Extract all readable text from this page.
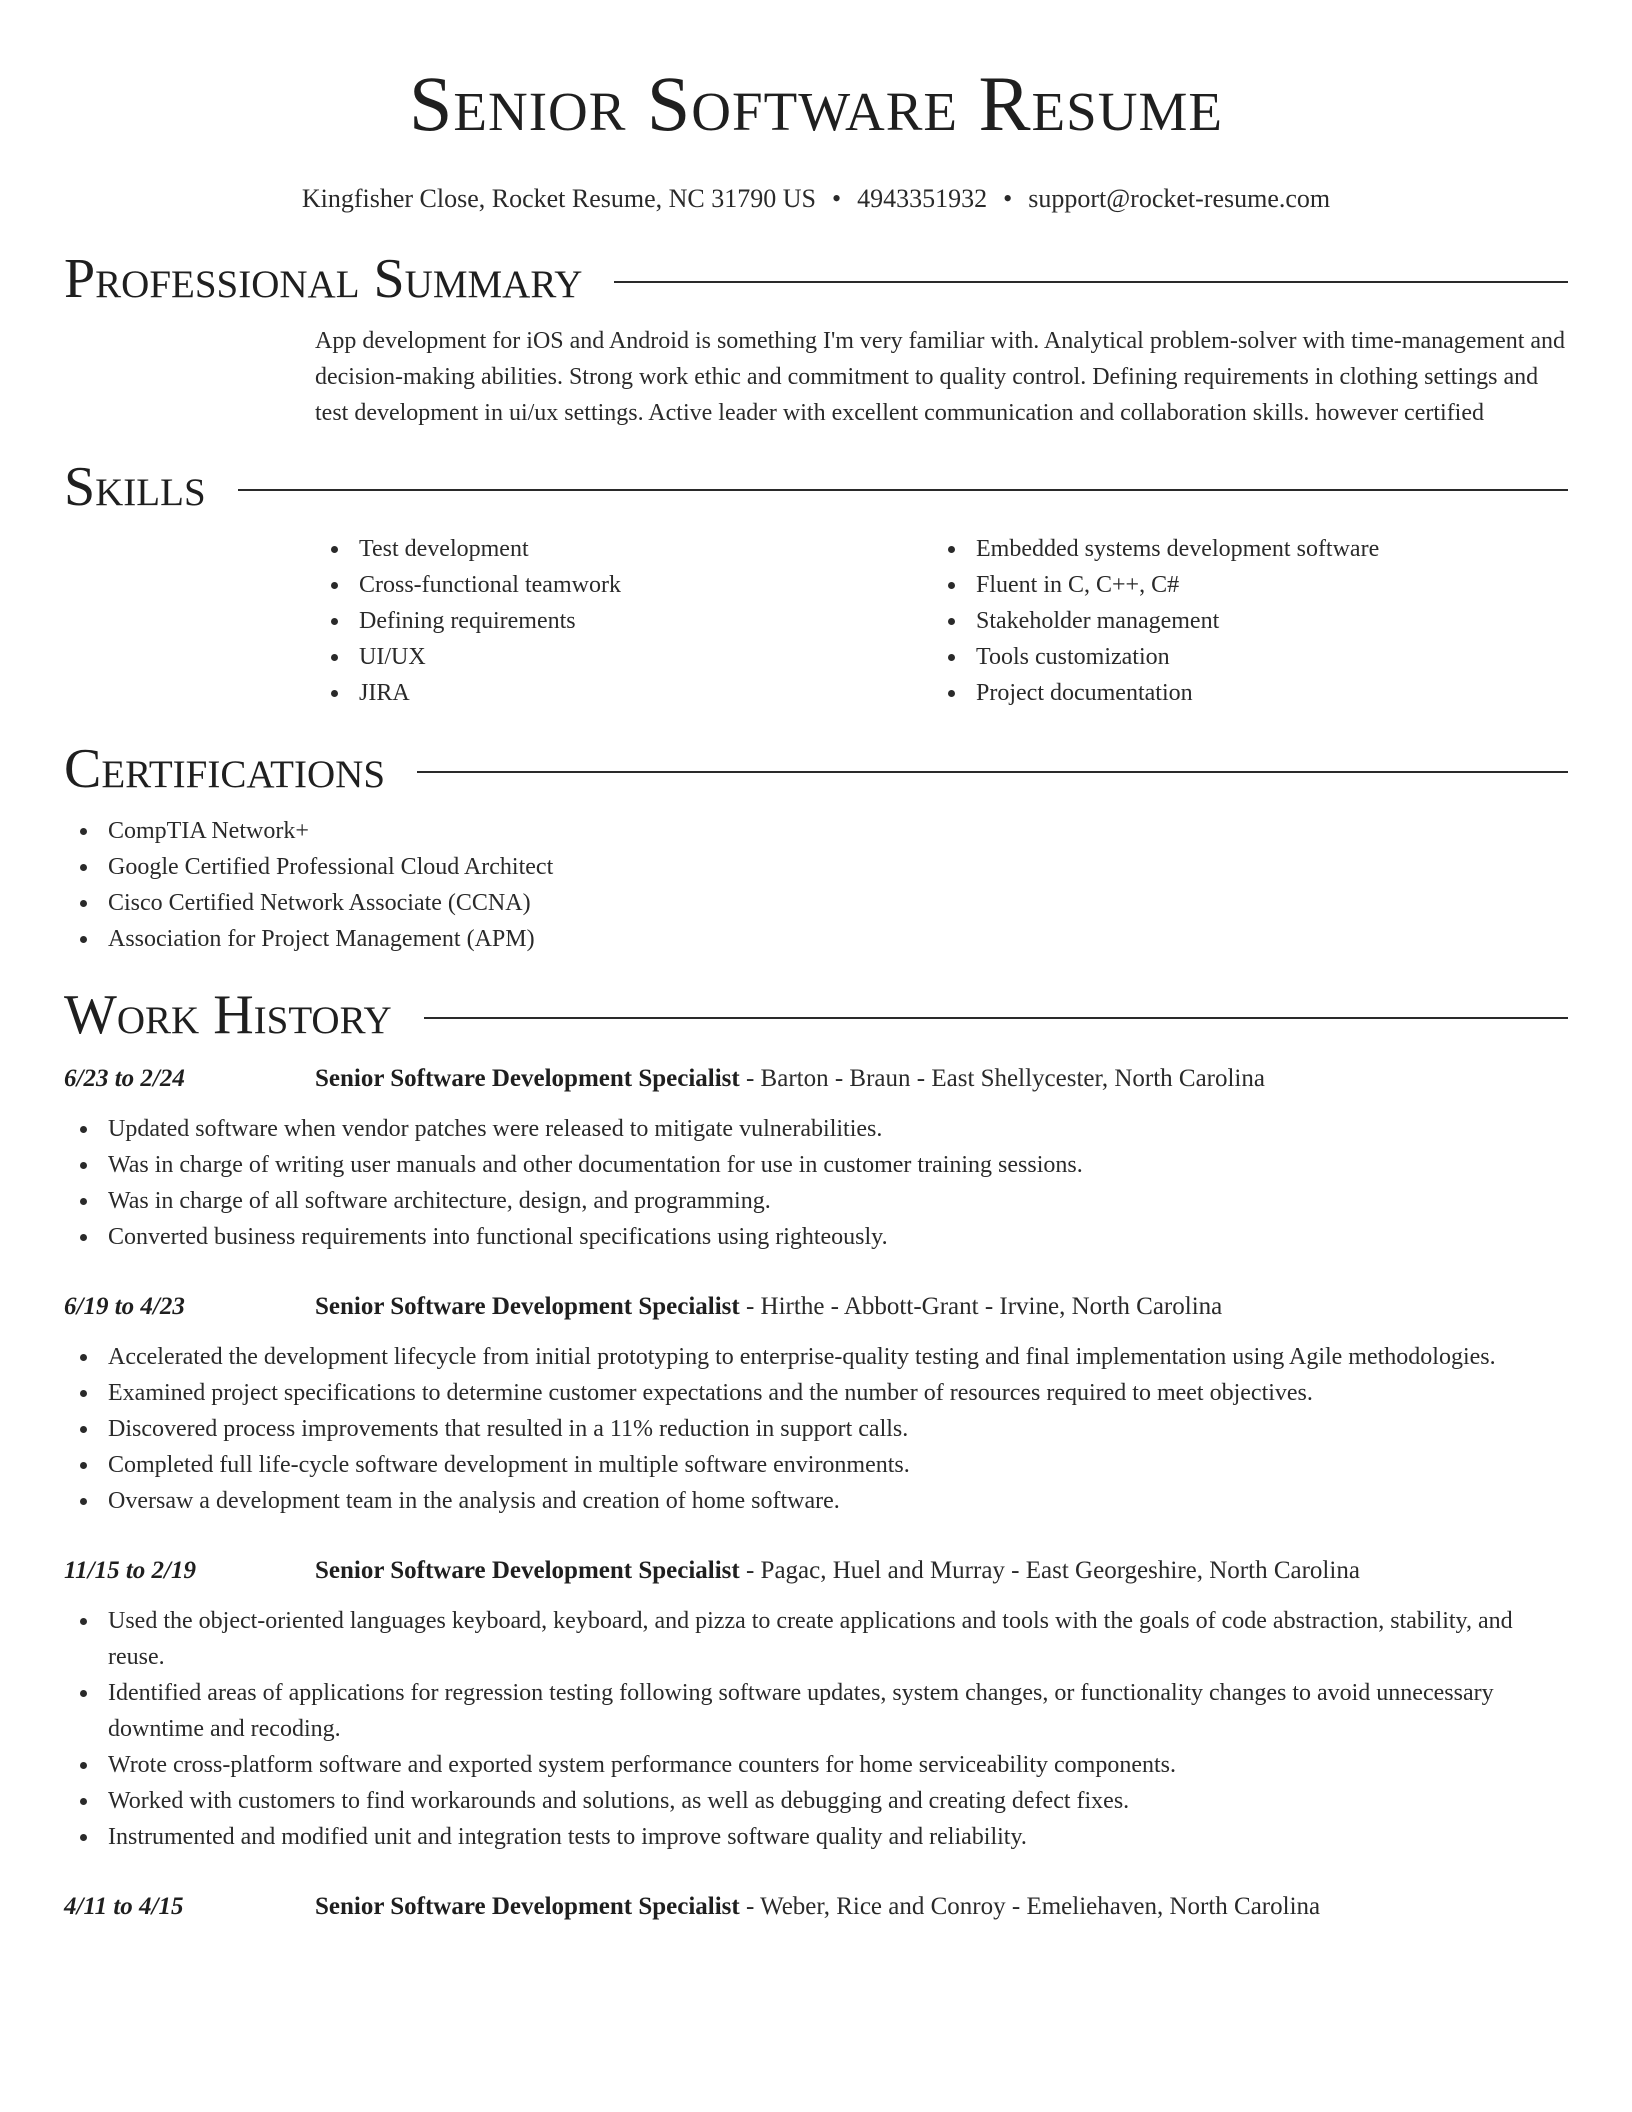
Senior Software Resume
Kingfisher Close, Rocket Resume, NC 31790 US • 4943351932 • support@rocket-resume.com
Professional Summary

App development for iOS and Android is something I'm very familiar with. Analytical problem-solver with time-management and decision-making abilities. Strong work ethic and commitment to quality control. Defining requirements in clothing settings and test development in ui/ux settings. Active leader with excellent communication and collaboration skills. however certified

Skills
Test development
Cross-functional teamwork
Defining requirements
UI/UX
JIRA
Embedded systems development software
Fluent in C, C++, C#
Stakeholder management
Tools customization
Project documentation
Certifications
CompTIA Network+
Google Certified Professional Cloud Architect
Cisco Certified Network Associate (CCNA)
Association for Project Management (APM)
Work History
6/23 to 2/24	Senior Software Development Specialist - Barton - Braun - East Shellycester, North Carolina
Updated software when vendor patches were released to mitigate vulnerabilities.
Was in charge of writing user manuals and other documentation for use in customer training sessions.
Was in charge of all software architecture, design, and programming.
Converted business requirements into functional specifications using righteously.
6/19 to 4/23	Senior Software Development Specialist - Hirthe - Abbott-Grant - Irvine, North Carolina
Accelerated the development lifecycle from initial prototyping to enterprise-quality testing and final implementation using Agile methodologies.
Examined project specifications to determine customer expectations and the number of resources required to meet objectives.
Discovered process improvements that resulted in a 11% reduction in support calls.
Completed full life-cycle software development in multiple software environments.
Oversaw a development team in the analysis and creation of home software.
11/15 to 2/19	Senior Software Development Specialist - Pagac, Huel and Murray - East Georgeshire, North Carolina
Used the object-oriented languages keyboard, keyboard, and pizza to create applications and tools with the goals of code abstraction, stability, and reuse.
Identified areas of applications for regression testing following software updates, system changes, or functionality changes to avoid unnecessary downtime and recoding.
Wrote cross-platform software and exported system performance counters for home serviceability components.
Worked with customers to find workarounds and solutions, as well as debugging and creating defect fixes.
Instrumented and modified unit and integration tests to improve software quality and reliability.
4/11 to 4/15	Senior Software Development Specialist - Weber, Rice and Conroy - Emeliehaven, North Carolina
